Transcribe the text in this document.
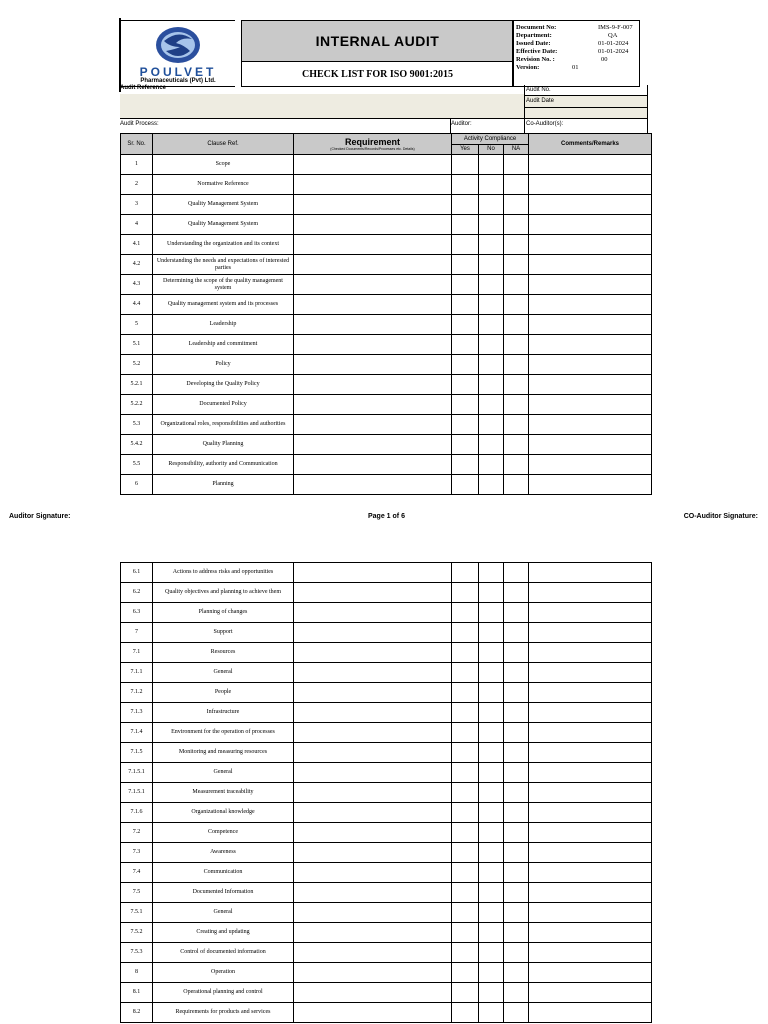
POULVET
Pharmaceuticals (Pvt) Ltd.
INTERNAL AUDIT
CHECK LIST FOR ISO 9001:2015
Document No:	IMS-9-F-007
Department:	QA
Issued Date:	01-01-2024
Effective Date:	01-01-2024
Revision No. :	00
Version:	01
Audit Reference	Audit No.
Audit Date
Audit Process:	Auditor:	Co-Auditor(s):
Sr. No.	Clause Ref.	Requirement
(Checked Documents/Records/Processes etc. Details)	Activity Compliance			Comments/Remarks
			Yes	No	NA	
1	Scope					
2	Normative Reference					
3	Quality Management System					
4	Quality Management System					
4.1	Understanding the organization and its context					
4.2	Understanding the needs and expectations of interested parties					
4.3	Determining the scope of the quality management system					
4.4	Quality management system and its processes					
5	Leadership					
5.1	Leadership and commitment					
5.2	Policy					
5.2.1	Developing the Quality Policy					
5.2.2	Documented Policy					
5.3	Organizational roles, responsibilities and authorities					
5.4.2	Quality Planning					
5.5	Responsibility, authority and Communication					
6	Planning					
Auditor Signature:	Page 1 of 6	CO-Auditor Signature:
6.1	Actions to address risks and opportunities					
6.2	Quality objectives and planning to achieve them					
6.3	Planning of changes					
7	Support					
7.1	Resources					
7.1.1	General					
7.1.2	People					
7.1.3	Infrastructure					
7.1.4	Environment for the operation of processes					
7.1.5	Monitoring and measuring resources					
7.1.5.1	General					
7.1.5.1	Measurement traceability					
7.1.6	Organizational knowledge					
7.2	Competence					
7.3	Awareness					
7.4	Communication					
7.5	Documented Information					
7.5.1	General					
7.5.2	Creating and updating					
7.5.3	Control of documented information					
8	Operation					
8.1	Operational planning and control					
8.2	Requirements for products and services					
